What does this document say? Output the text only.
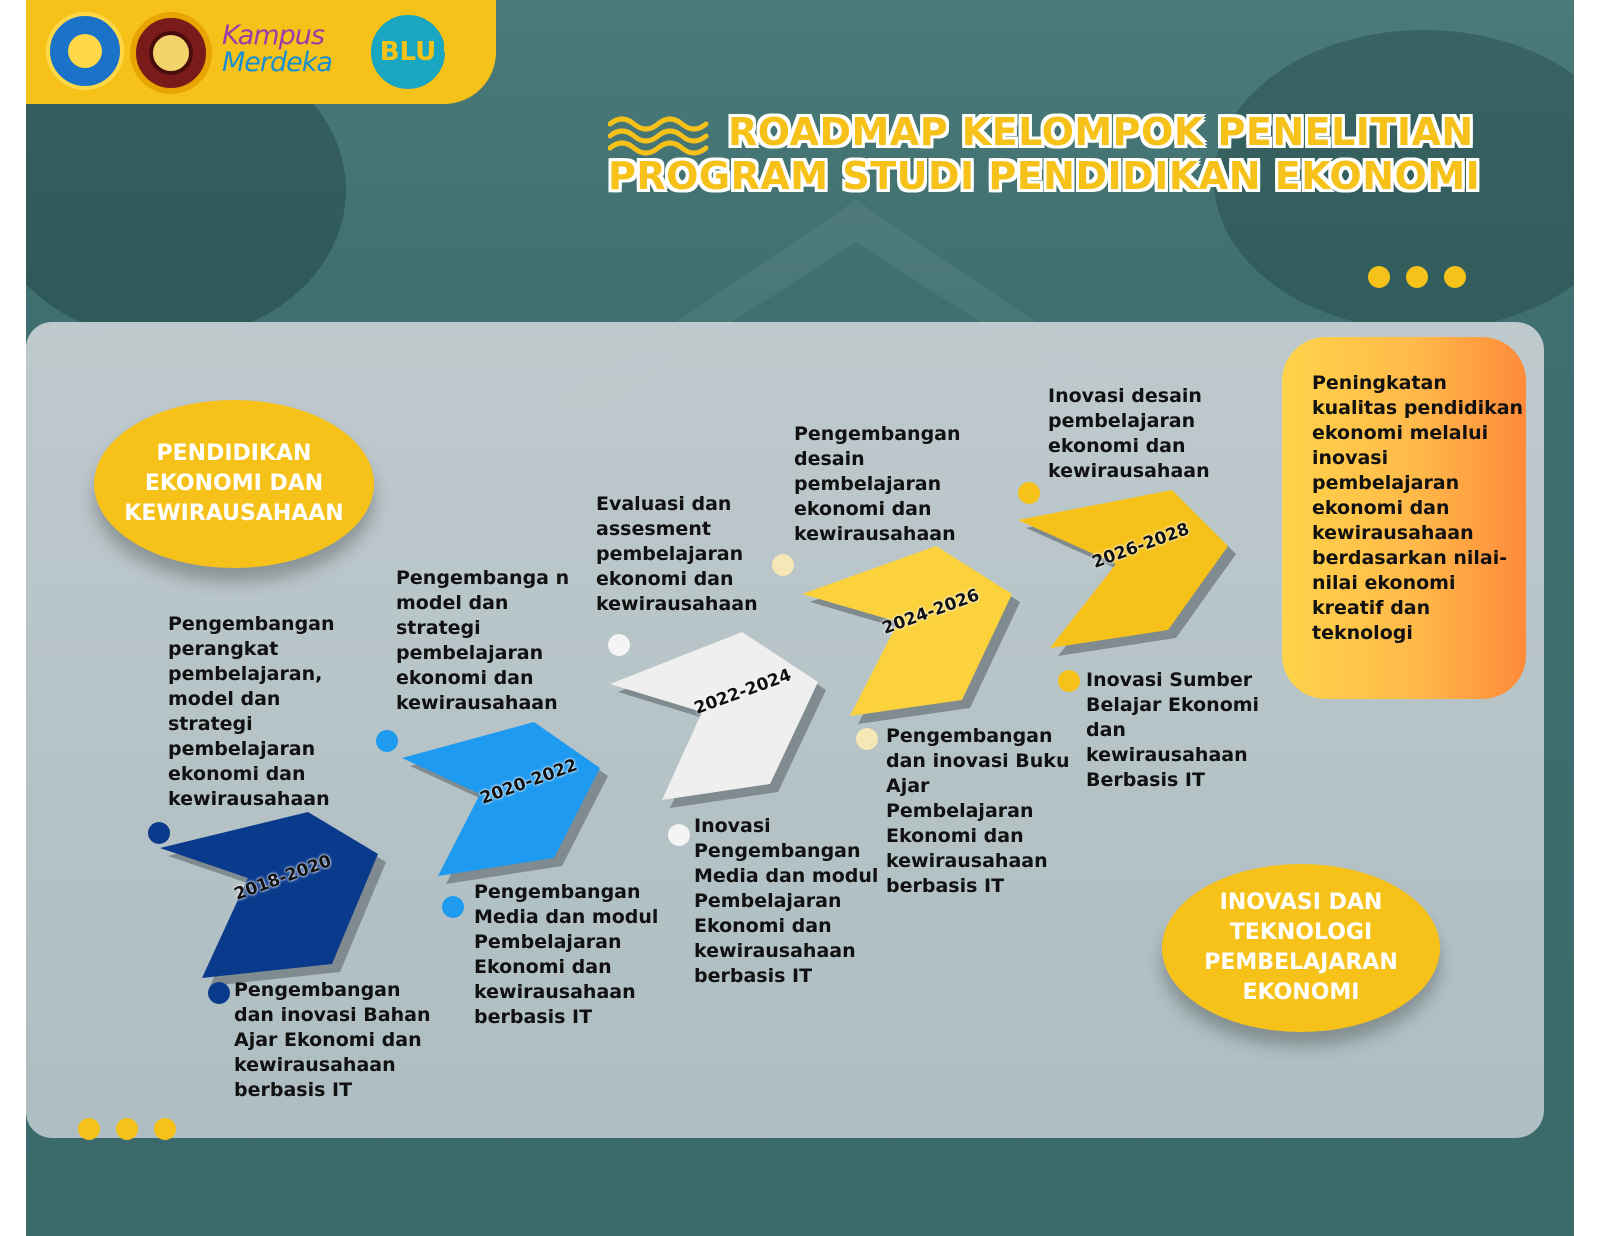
Kampus
Merdeka BLU
ROADMAP KELOMPOK PENELITIAN
PROGRAM STUDI PENDIDIKAN EKONOMI
PENDIDIKAN EKONOMI DAN KEWIRAUSAHAAN
INOVASI DAN TEKNOLOGI PEMBELAJARAN EKONOMI

Peningkatan kualitas pendidikan ekonomi melalui inovasi pembelajaran ekonomi dan kewirausahaan berdasarkan nilai-nilai ekonomi kreatif dan teknologi

2018-2020
Pengembangan perangkat pembelajaran, model dan strategi pembelajaran ekonomi dan kewirausahaan
Pengembangan dan inovasi Bahan Ajar Ekonomi dan kewirausahaan berbasis IT
2020-2022
Pengembanga n model dan strategi pembelajaran ekonomi dan kewirausahaan
Pengembangan Media dan modul Pembelajaran Ekonomi dan kewirausahaan berbasis IT
2022-2024
Evaluasi dan assesment pembelajaran ekonomi dan kewirausahaan
Inovasi Pengembangan Media dan modul Pembelajaran Ekonomi dan kewirausahaan berbasis IT
2024-2026
Pengembangan desain pembelajaran ekonomi dan kewirausahaan
Pengembangan dan inovasi Buku Ajar Pembelajaran Ekonomi dan kewirausahaan berbasis IT
2026-2028
Inovasi desain pembelajaran ekonomi dan kewirausahaan
Inovasi Sumber Belajar Ekonomi dan kewirausahaan Berbasis IT
